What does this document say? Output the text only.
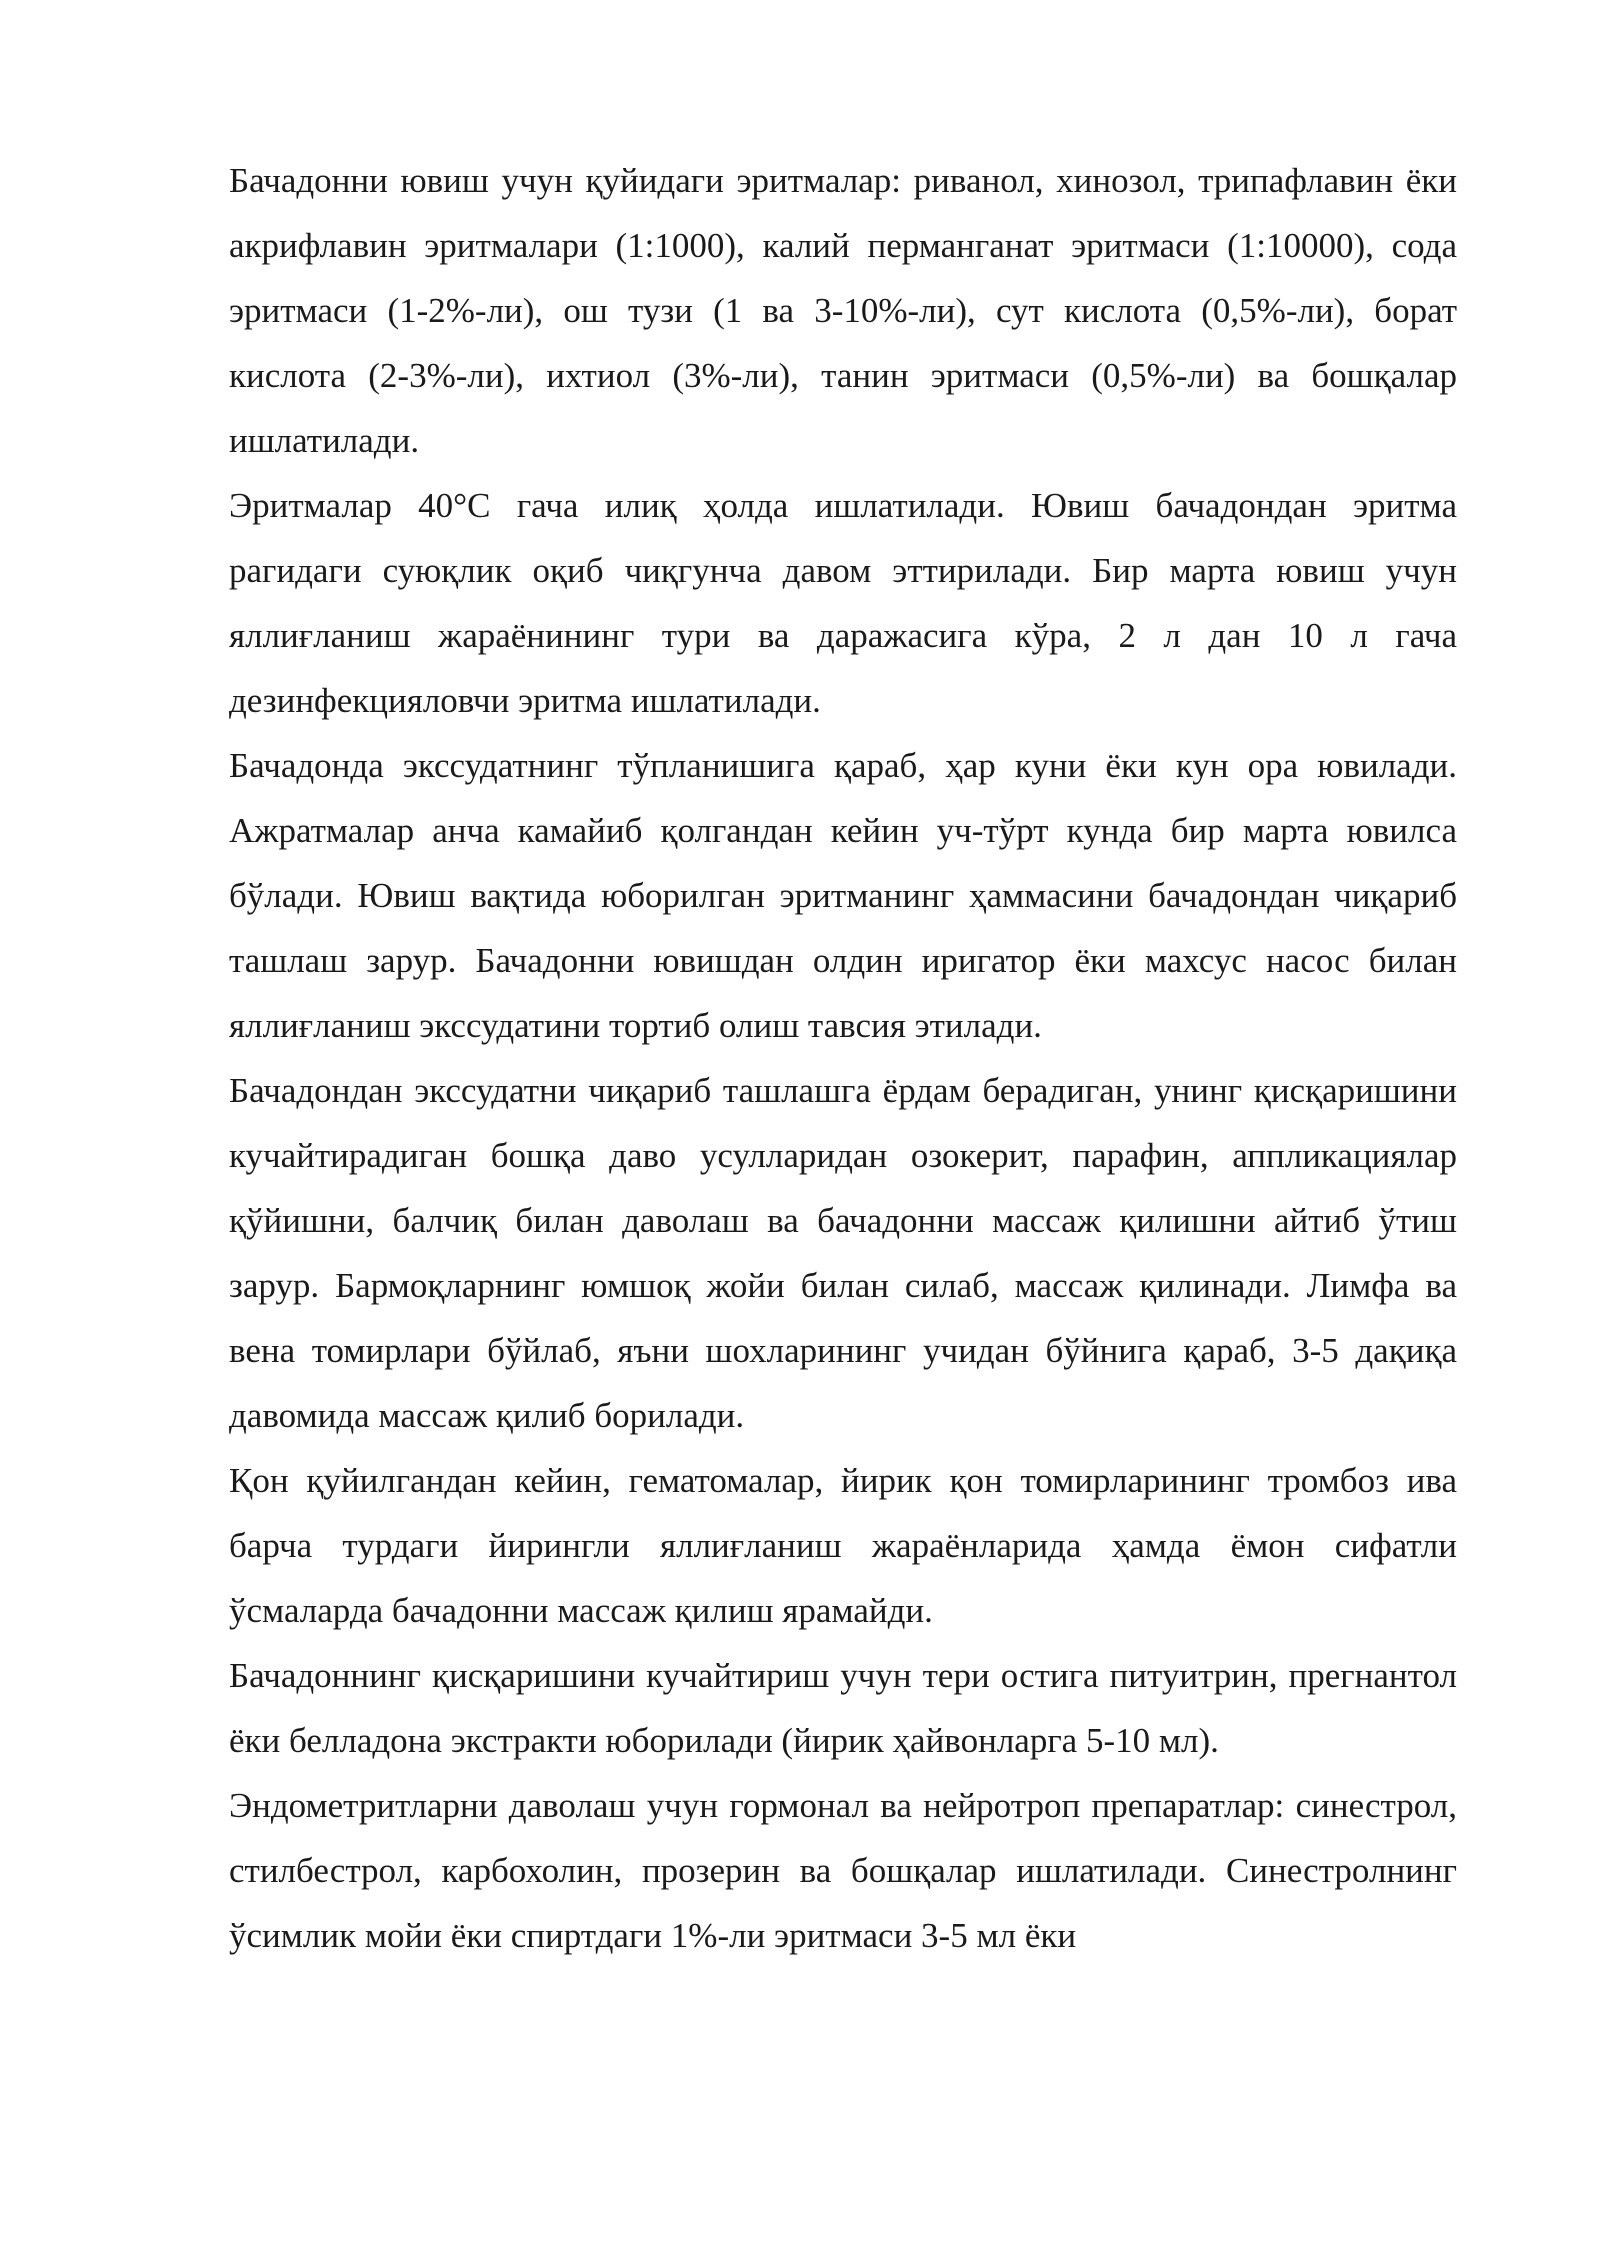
Бачадонни ювиш учун қуйидаги эритмалар: риванол, хинозол, трипафлавин ёки акрифлавин эритмалари (1:1000), калий перманганат эритмаси (1:10000), сода эритмаси (1-2%-ли), ош тузи (1 ва 3-10%-ли), сут кислота (0,5%-ли), борат кислота (2-3%-ли), ихтиол (3%-ли), танин эритмаси (0,5%-ли) ва бошқалар ишлатилади.

Эритмалар 40°С гача илиқ ҳолда ишлатилади. Ювиш бачадондан эритма рагидаги суюқлик оқиб чиқгунча давом эттирилади. Бир марта ювиш учун яллиғланиш жараёнининг тури ва даражасига кўра, 2 л дан 10 л гача дезинфекцияловчи эритма ишлатилади.

Бачадонда экссудатнинг тўпланишига қараб, ҳар куни ёки кун ора ювилади. Ажратмалар анча камайиб қолгандан кейин уч-тўрт кунда бир марта ювилса бўлади. Ювиш вақтида юборилган эритманинг ҳаммасини бачадондан чиқариб ташлаш зарур. Бачадонни ювишдан олдин иригатор ёки махсус насос билан яллиғланиш экссудатини тортиб олиш тавсия этилади.

Бачадондан экссудатни чиқариб ташлашга ёрдам берадиган, унинг қисқаришини кучайтирадиган бошқа даво усулларидан озокерит, парафин, аппликациялар қўйишни, балчиқ билан даволаш ва бачадонни массаж қилишни айтиб ўтиш зарур. Бармоқларнинг юмшоқ жойи билан силаб, массаж қилинади. Лимфа ва вена томирлари бўйлаб, яъни шохларининг учидан бўйнига қараб, 3-5 дақиқа давомида массаж қилиб борилади.

Қон қуйилгандан кейин, гематомалар, йирик қон томирларининг тромбоз ива барча турдаги йирингли яллиғланиш жараёнларида ҳамда ёмон сифатли ўсмаларда бачадонни массаж қилиш ярамайди.

Бачадоннинг қисқаришини кучайтириш учун тери остига питуитрин, прегнантол ёки белладона экстракти юборилади (йирик ҳайвонларга 5-10 мл).

Эндометритларни даволаш учун гормонал ва нейротроп препаратлар: синестрол, стилбестрол, карбохолин, прозерин ва бошқалар ишлатилади. Синестролнинг ўсимлик мойи ёки спиртдаги 1%-ли эритмаси 3-5 мл ёки
